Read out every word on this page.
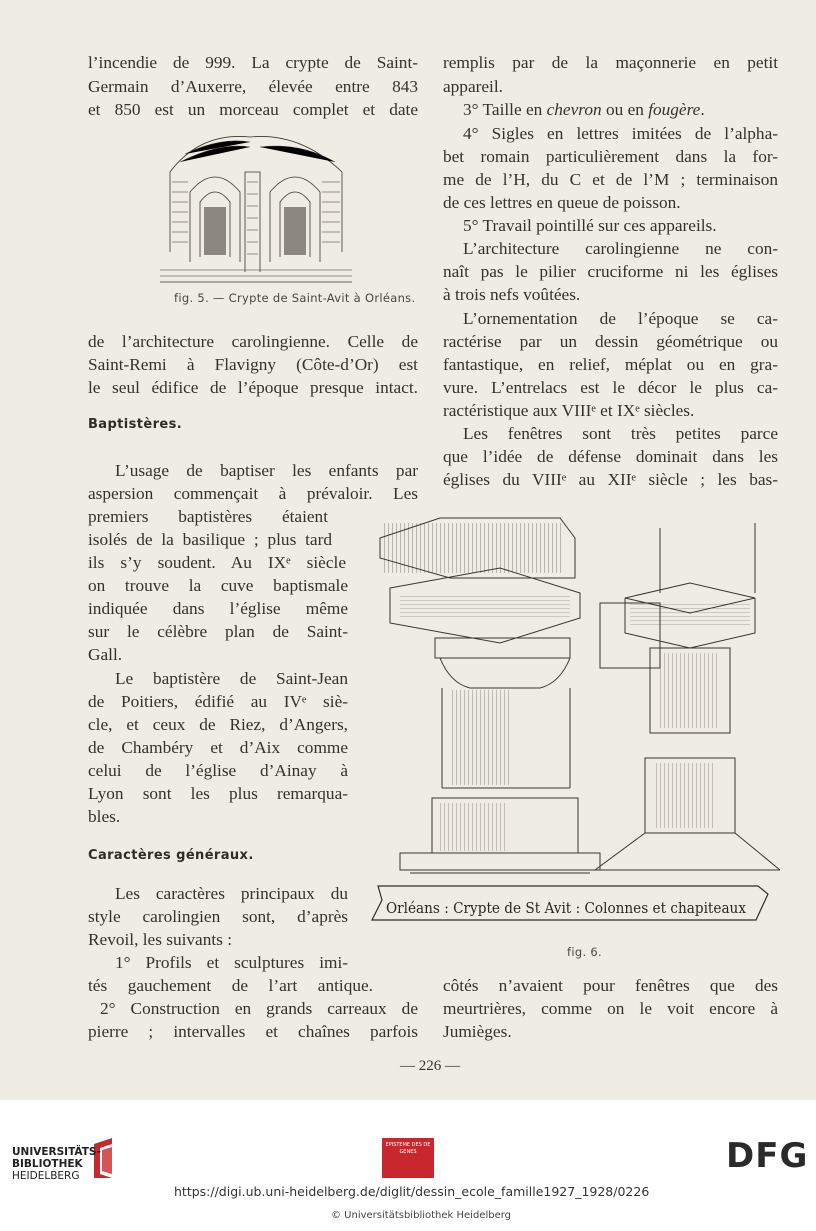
l’incendie de 999. La crypte de Saint-
Germain d’Auxerre, élevée entre 843
et 850 est un morceau complet et date
fig. 5. — Crypte de Saint-Avit à Orléans.
de l’architecture carolingienne. Celle de
Saint-Remi à Flavigny (Côte-d’Or) est
le seul édifice de l’époque presque intact.
Baptistères.
L’usage de baptiser les enfants par
aspersion commençait à prévaloir. Les
premiers baptistères étaient
isolés de la basilique ; plus tard
ils s’y soudent. Au IXᵉ siècle
on trouve la cuve baptismale
indiquée dans l’église même
sur le célèbre plan de Saint-
Gall.
Le baptistère de Saint-Jean
de Poitiers, édifié au IVᵉ siè-
cle, et ceux de Riez, d’Angers,
de Chambéry et d’Aix comme
celui de l’église d’Ainay à
Lyon sont les plus remarqua-
bles.
Caractères généraux.
Les caractères principaux du
style carolingien sont, d’après
Revoil, les suivants :
1° Profils et sculptures imi-
tés gauchement de l’art antique.
2° Construction en grands carreaux de
pierre ; intervalles et chaînes parfois
remplis par de la maçonnerie en petit
appareil.
3° Taille en chevron ou en fougère.
4° Sigles en lettres imitées de l’alpha-
bet romain particulièrement dans la for-
me de l’H, du C et de l’M ; terminaison
de ces lettres en queue de poisson.
5° Travail pointillé sur ces appareils.
L’architecture carolingienne ne con-
naît pas le pilier cruciforme ni les églises
à trois nefs voûtées.
L’ornementation de l’époque se ca-
ractérise par un dessin géométrique ou
fantastique, en relief, méplat ou en gra-
vure. L’entrelacs est le décor le plus ca-
ractéristique aux VIIIᵉ et IXᵉ siècles.
Les fenêtres sont très petites parce
que l’idée de défense dominait dans les
églises du VIIIᵉ au XIIᵉ siècle ; les bas-
Orléans : Crypte de St Avit : Colonnes et chapiteaux
fig. 6.
côtés n’avaient pour fenêtres que des
meurtrières, comme on le voit encore à
Jumièges.
— 226 —
UNIVERSITÄTS-
BIBLIOTHEK
HEIDELBERG
EPISTEME DES DE GENES	DFG
https://digi.ub.uni-heidelberg.de/diglit/dessin_ecole_famille1927_1928/0226
© Universitätsbibliothek Heidelberg
